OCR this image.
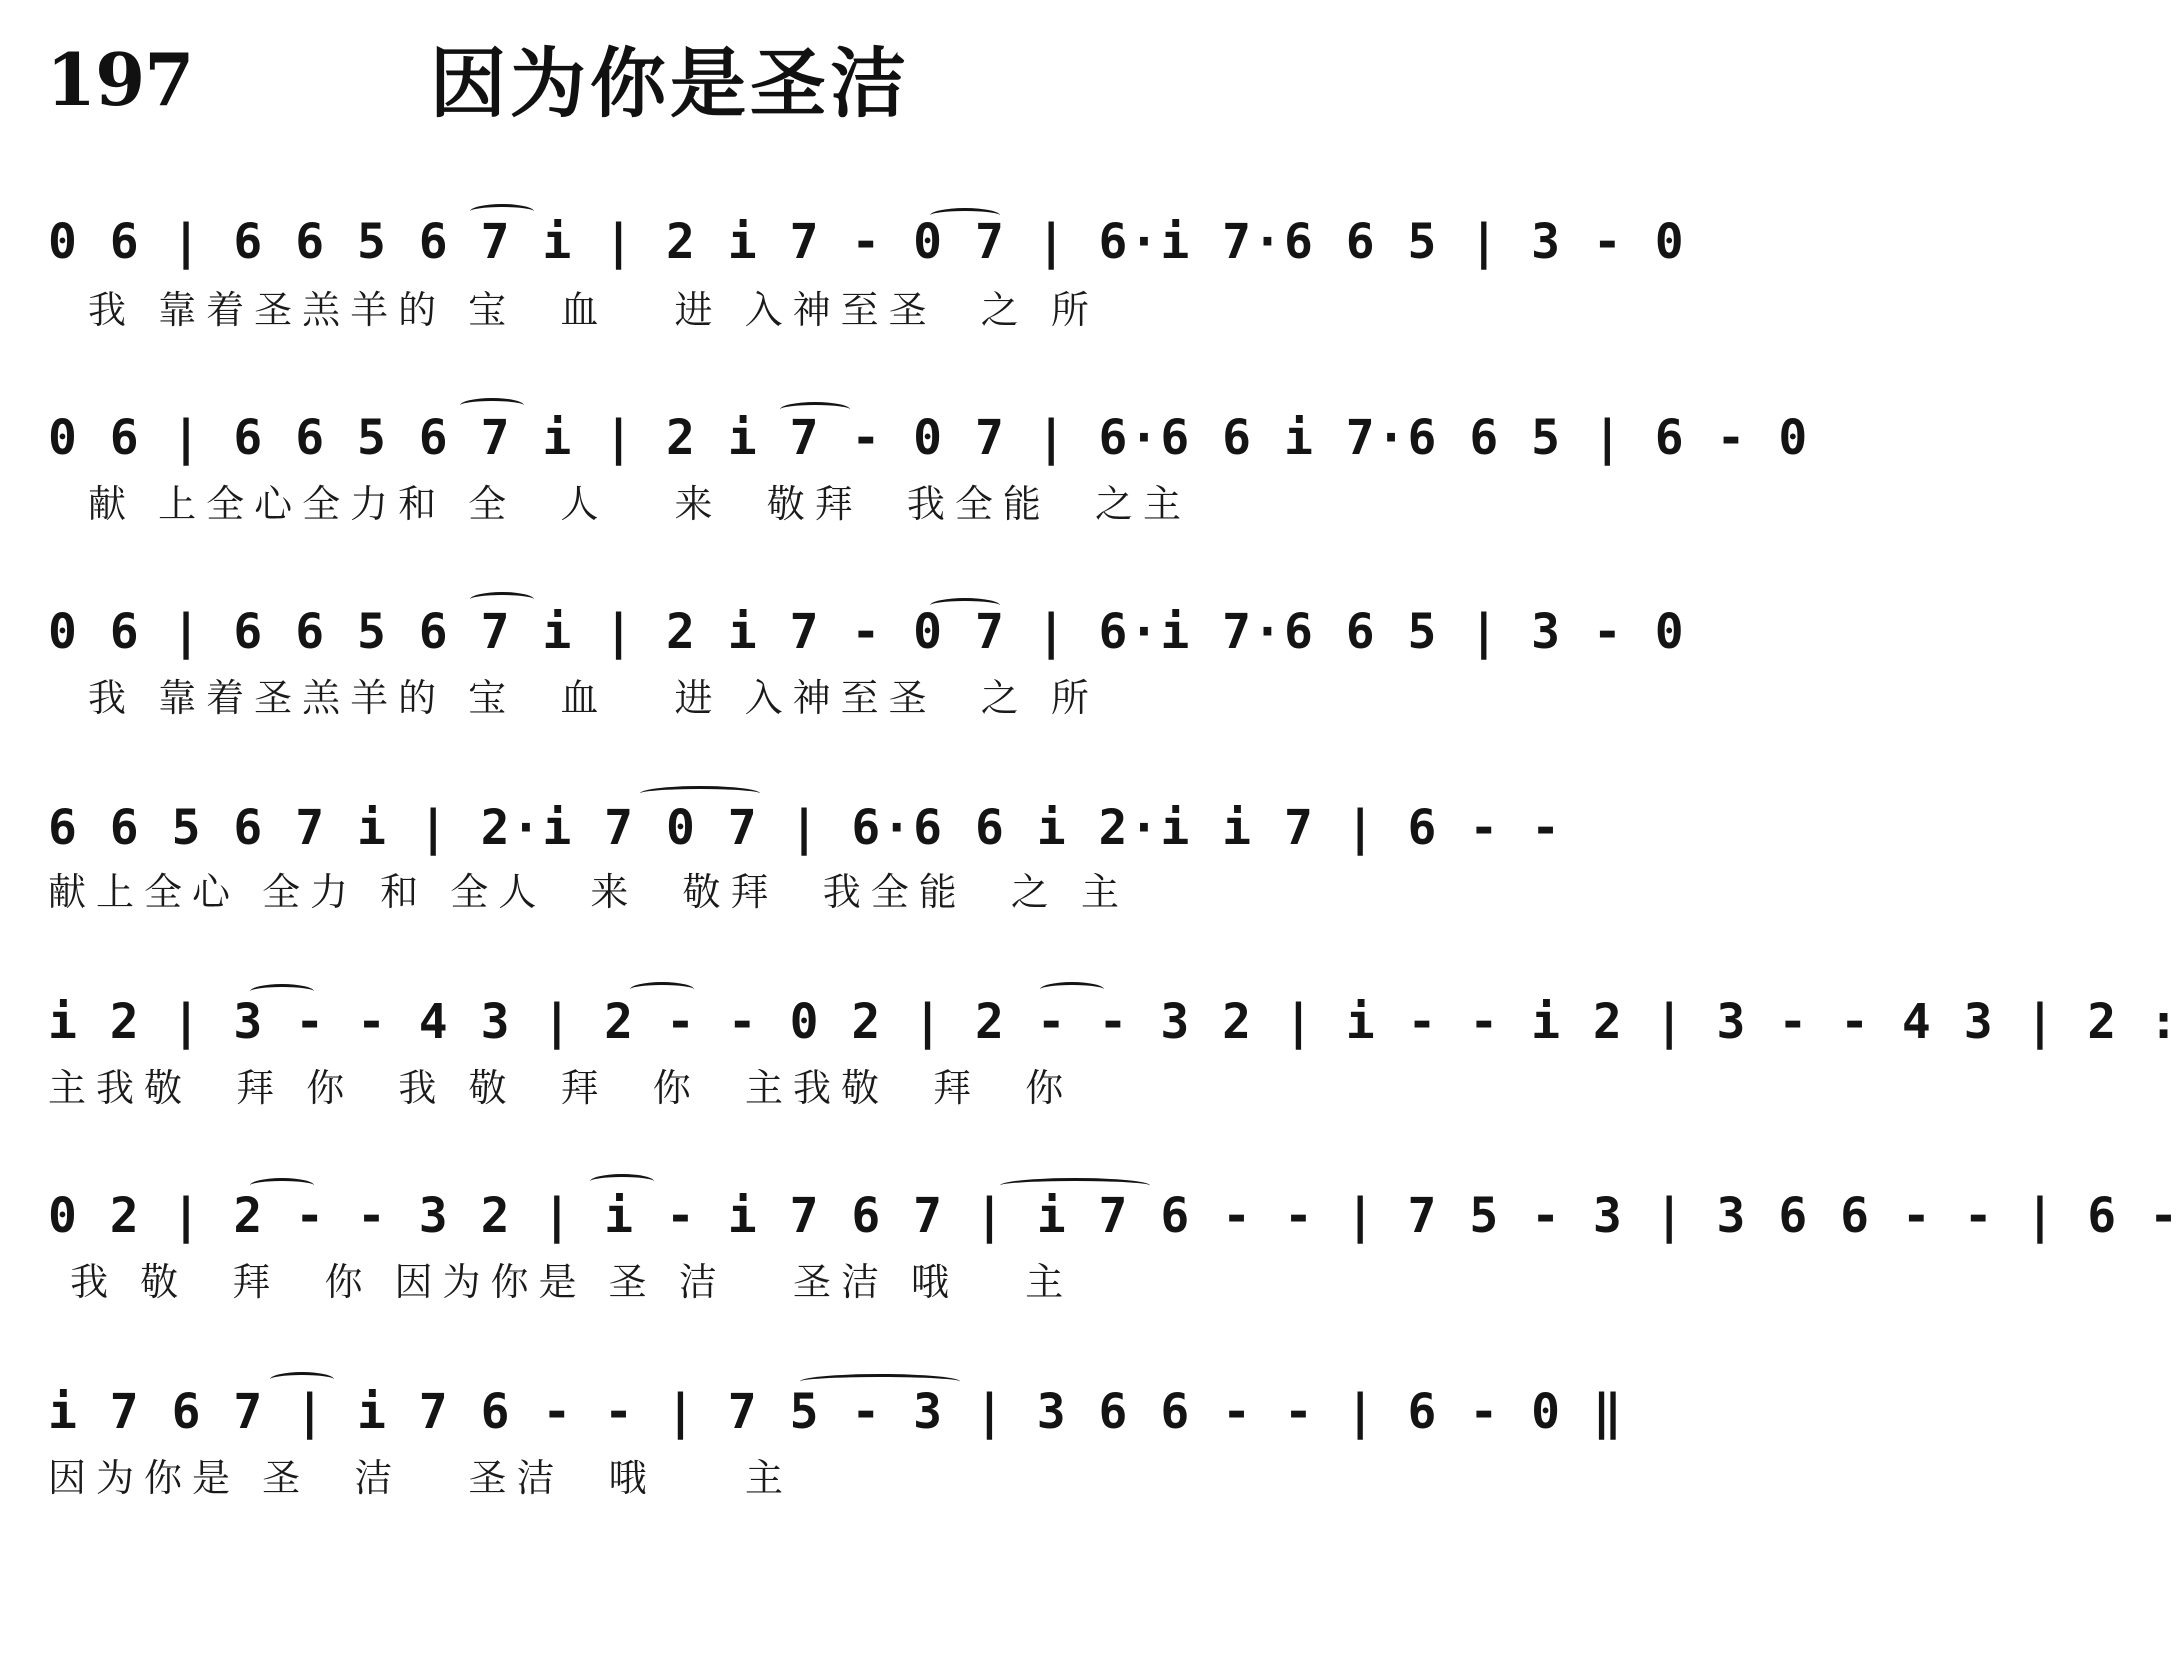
197	因为你是圣洁
0 6 | 6 6 5 6 7 i | 2 i 7 - 0 7 | 6·i 7·6 6 5 | 3 - 0
我 靠着圣羔羊的 宝  血   进 入神至圣  之 所
0 6 | 6 6 5 6 7 i | 2 i 7 - 0 7 | 6·6 6 i 7·6 6 5 | 6 - 0
献 上全心全力和 全  人   来  敬拜  我全能  之主
0 6 | 6 6 5 6 7 i | 2 i 7 - 0 7 | 6·i 7·6 6 5 | 3 - 0
我 靠着圣羔羊的 宝  血   进 入神至圣  之 所
6 6 5 6 7 i | 2·i 7 0 7 | 6·6 6 i 2·i i 7 | 6 - -
献上全心 全力 和 全人  来  敬拜  我全能  之 主
i 2 | 3 - - 4 3 | 2 - - 0 2 | 2 - - 3 2 | i - - i 2 | 3 - - 4 3 | 2 :
主我敬  拜 你  我 敬  拜  你  主我敬  拜  你
0 2 | 2 - - 3 2 | i - i 7 6 7 | i 7 6 - - | 7 5 - 3 | 3 6 6 - - | 6 -
我 敬  拜  你 因为你是 圣 洁   圣洁 哦   主
i 7 6 7 | i 7 6 - - | 7 5 - 3 | 3 6 6 - - | 6 - 0 ‖
因为你是 圣  洁   圣洁  哦    主
